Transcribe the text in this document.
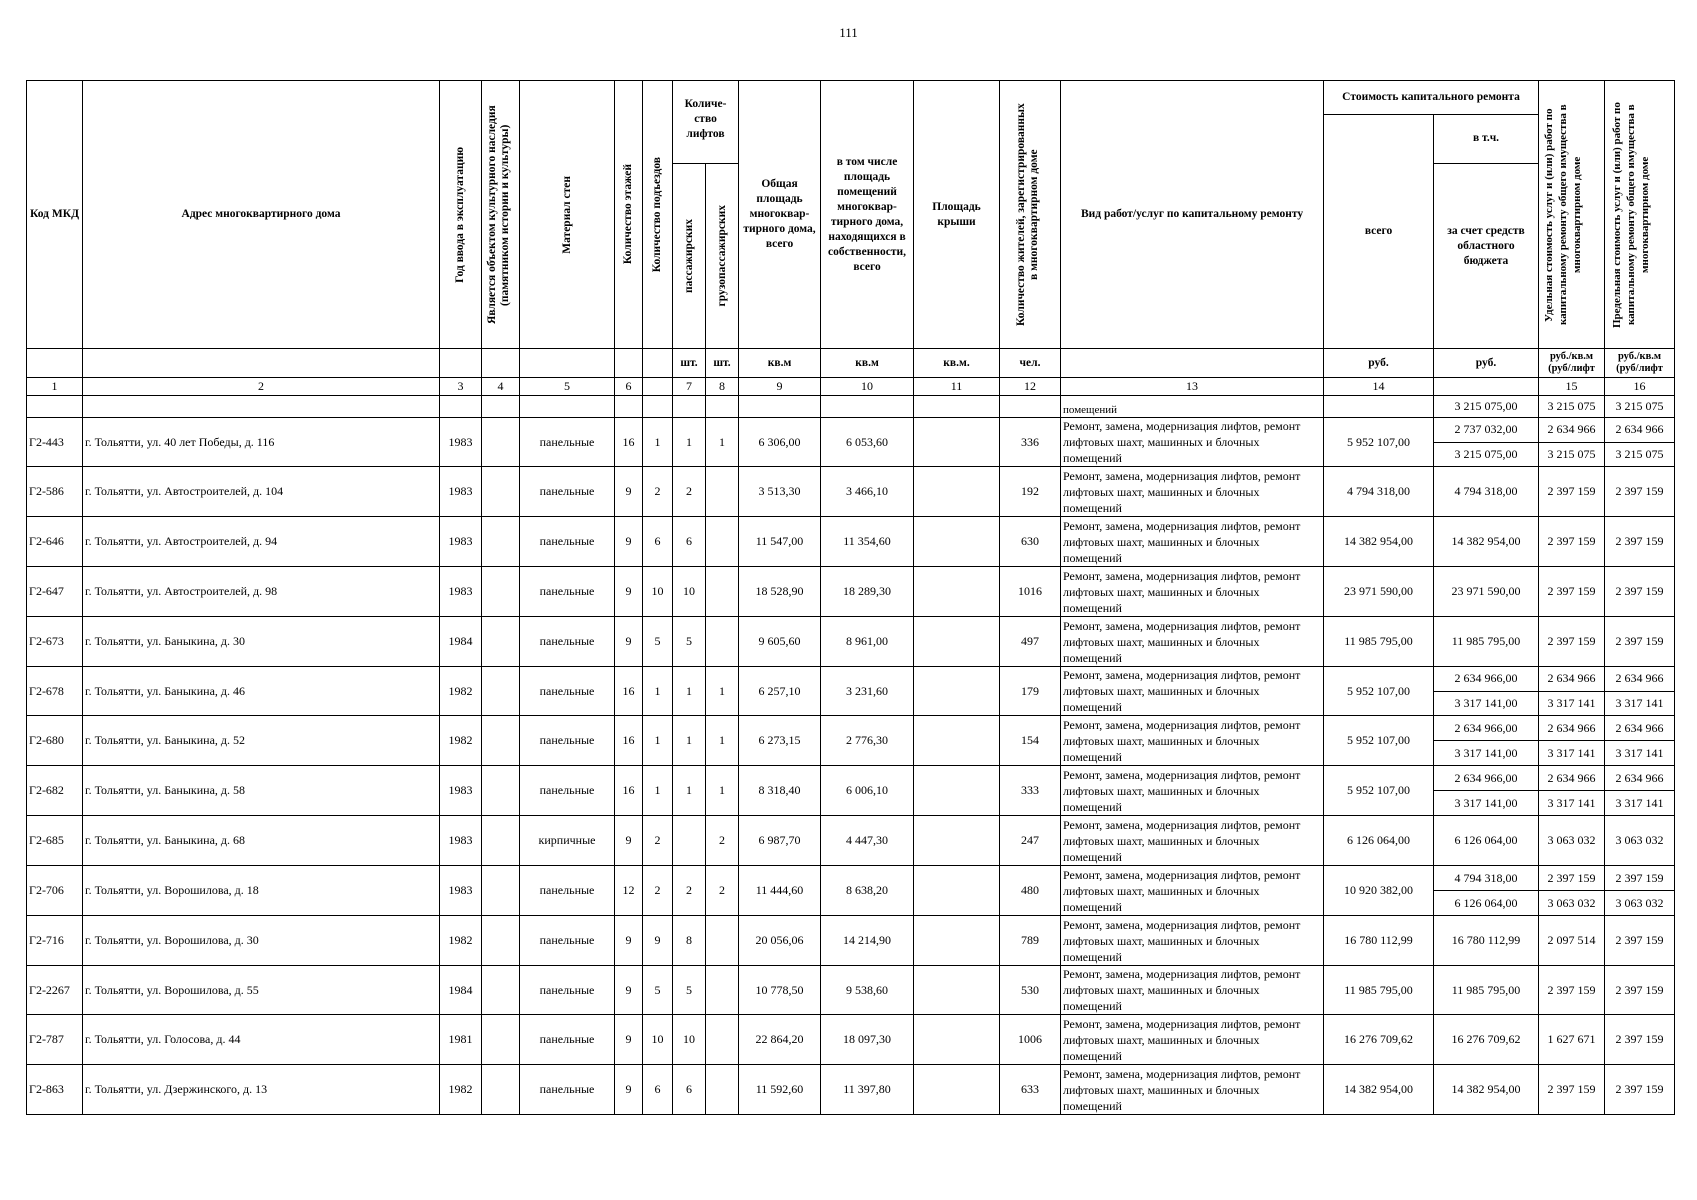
111
Код МКД	Адрес многоквартирного дома	Год ввода в эксплуатацию	Является объектом культурного наследия (памятником истории и культуры)	Материал стен	Количество этажей	Количество подъездов	Количе-ство лифтов		Общая площадь многоквар-тирного дома, всего	в том числе площадь помещений многоквар-тирного дома, находящихся в собственности, всего	Площадь крыши	Количество жителей, зарегистрированных в многоквартирном доме	Вид работ/услуг по капитальному ремонту	Стоимость капитального ремонта		Удельная стоимость услуг и (или) работ по капитальному ремонту общего имущества в многоквартирном доме	Предельная стоимость услуг и (или) работ по капитальному ремонту общего имущества в многоквартирном доме

														всего	в т.ч.		

							пассажирских	грузопассажирских							за счет средств областного бюджета		
							шт.	шт.	кв.м	кв.м	кв.м.	чел.		руб.	руб.	руб./кв.м (руб/лифт	руб./кв.м (руб/лифт
1	2	3	4	5	6		7	8	9	10	11	12	13	14		15	16
													помещений		3 215 075,00	3 215 075	3 215 075
Г2-443	г. Тольятти, ул. 40 лет Победы, д. 116	1983		панельные	16	1	1	1	6 306,00	6 053,60		336	Ремонт, замена, модернизация лифтов, ремонт лифтовых шахт, машинных и блочных помещений	5 952 107,00	2 737 032,00	2 634 966	2 634 966
															3 215 075,00	3 215 075	3 215 075
Г2-586	г. Тольятти, ул. Автостроителей, д. 104	1983		панельные	9	2	2		3 513,30	3 466,10		192	Ремонт, замена, модернизация лифтов, ремонт лифтовых шахт, машинных и блочных помещений	4 794 318,00	4 794 318,00	2 397 159	2 397 159
Г2-646	г. Тольятти, ул. Автостроителей, д. 94	1983		панельные	9	6	6		11 547,00	11 354,60		630	Ремонт, замена, модернизация лифтов, ремонт лифтовых шахт, машинных и блочных помещений	14 382 954,00	14 382 954,00	2 397 159	2 397 159
Г2-647	г. Тольятти, ул. Автостроителей, д. 98	1983		панельные	9	10	10		18 528,90	18 289,30		1016	Ремонт, замена, модернизация лифтов, ремонт лифтовых шахт, машинных и блочных помещений	23 971 590,00	23 971 590,00	2 397 159	2 397 159
Г2-673	г. Тольятти, ул. Баныкина, д. 30	1984		панельные	9	5	5		9 605,60	8 961,00		497	Ремонт, замена, модернизация лифтов, ремонт лифтовых шахт, машинных и блочных помещений	11 985 795,00	11 985 795,00	2 397 159	2 397 159
Г2-678	г. Тольятти, ул. Баныкина, д. 46	1982		панельные	16	1	1	1	6 257,10	3 231,60		179	Ремонт, замена, модернизация лифтов, ремонт лифтовых шахт, машинных и блочных помещений	5 952 107,00	2 634 966,00	2 634 966	2 634 966
															3 317 141,00	3 317 141	3 317 141
Г2-680	г. Тольятти, ул. Баныкина, д. 52	1982		панельные	16	1	1	1	6 273,15	2 776,30		154	Ремонт, замена, модернизация лифтов, ремонт лифтовых шахт, машинных и блочных помещений	5 952 107,00	2 634 966,00	2 634 966	2 634 966
															3 317 141,00	3 317 141	3 317 141
Г2-682	г. Тольятти, ул. Баныкина, д. 58	1983		панельные	16	1	1	1	8 318,40	6 006,10		333	Ремонт, замена, модернизация лифтов, ремонт лифтовых шахт, машинных и блочных помещений	5 952 107,00	2 634 966,00	2 634 966	2 634 966
															3 317 141,00	3 317 141	3 317 141
Г2-685	г. Тольятти, ул. Баныкина, д. 68	1983		кирпичные	9	2		2	6 987,70	4 447,30		247	Ремонт, замена, модернизация лифтов, ремонт лифтовых шахт, машинных и блочных помещений	6 126 064,00	6 126 064,00	3 063 032	3 063 032
Г2-706	г. Тольятти, ул. Ворошилова, д. 18	1983		панельные	12	2	2	2	11 444,60	8 638,20		480	Ремонт, замена, модернизация лифтов, ремонт лифтовых шахт, машинных и блочных помещений	10 920 382,00	4 794 318,00	2 397 159	2 397 159
															6 126 064,00	3 063 032	3 063 032
Г2-716	г. Тольятти, ул. Ворошилова, д. 30	1982		панельные	9	9	8		20 056,06	14 214,90		789	Ремонт, замена, модернизация лифтов, ремонт лифтовых шахт, машинных и блочных помещений	16 780 112,99	16 780 112,99	2 097 514	2 397 159
Г2-2267	г. Тольятти, ул. Ворошилова, д. 55	1984		панельные	9	5	5		10 778,50	9 538,60		530	Ремонт, замена, модернизация лифтов, ремонт лифтовых шахт, машинных и блочных помещений	11 985 795,00	11 985 795,00	2 397 159	2 397 159
Г2-787	г. Тольятти, ул. Голосова, д. 44	1981		панельные	9	10	10		22 864,20	18 097,30		1006	Ремонт, замена, модернизация лифтов, ремонт лифтовых шахт, машинных и блочных помещений	16 276 709,62	16 276 709,62	1 627 671	2 397 159
Г2-863	г. Тольятти, ул. Дзержинского, д. 13	1982		панельные	9	6	6		11 592,60	11 397,80		633	Ремонт, замена, модернизация лифтов, ремонт лифтовых шахт, машинных и блочных помещений	14 382 954,00	14 382 954,00	2 397 159	2 397 159
